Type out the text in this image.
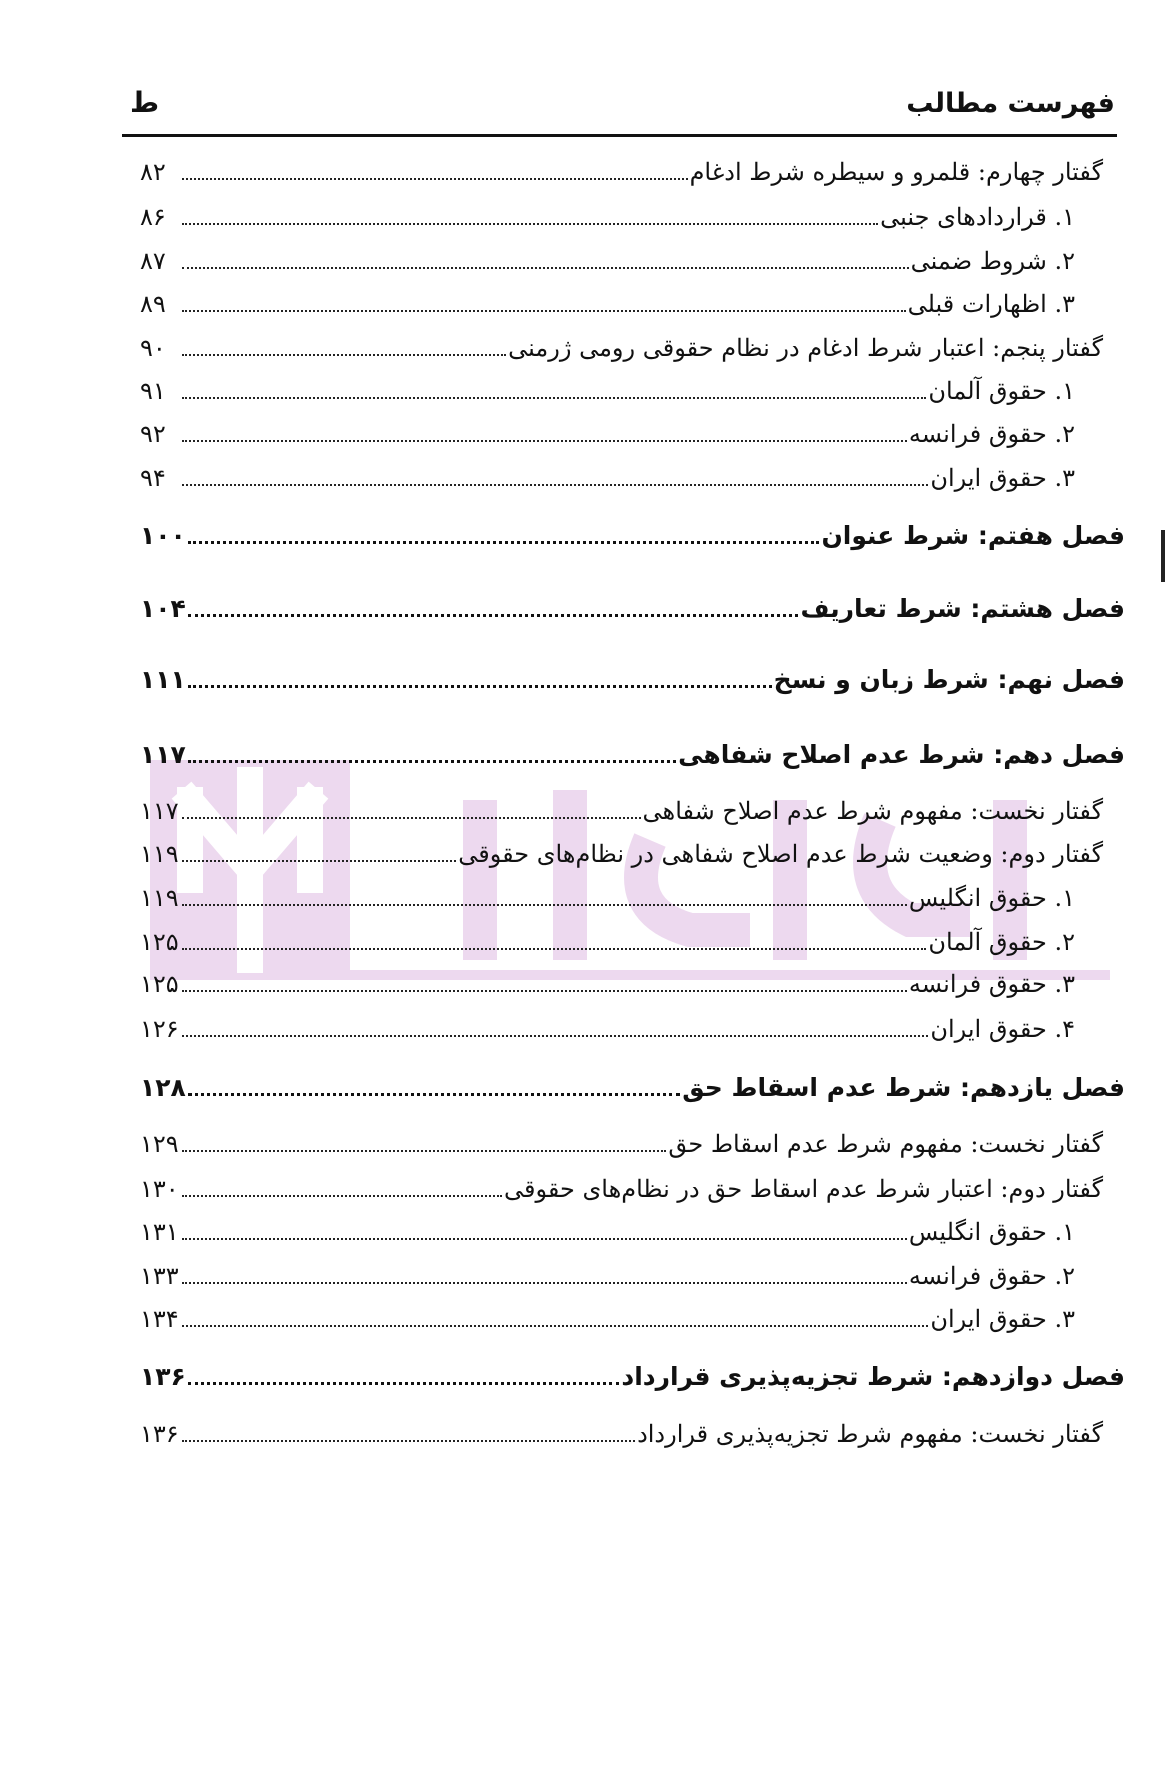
فهرست مطالب
ط
گفتار چهارم: قلمرو و سیطره شرط ادغام
۸۲
۱. قراردادهای جنبی
۸۶
۲. شروط ضمنی
۸۷
۳. اظهارات قبلی
۸۹
گفتار پنجم: اعتبار شرط ادغام در نظام حقوقی رومی ژرمنی
۹۰
۱. حقوق آلمان
۹۱
۲. حقوق فرانسه
۹۲
۳. حقوق ایران
۹۴
فصل هفتم: شرط عنوان
۱۰۰
فصل هشتم: شرط تعاریف
۱۰۴
فصل نهم: شرط زبان و نسخ
۱۱۱
فصل دهم: شرط عدم اصلاح شفاهی
۱۱۷
گفتار نخست: مفهوم شرط عدم اصلاح شفاهی
۱۱۷
گفتار دوم: وضعیت شرط عدم اصلاح شفاهی در نظام‌های حقوقی
۱۱۹
۱. حقوق انگلیس
۱۱۹
۲. حقوق آلمان
۱۲۵
۳. حقوق فرانسه
۱۲۵
۴. حقوق ایران
۱۲۶
فصل یازدهم: شرط عدم اسقاط حق
۱۲۸
گفتار نخست: مفهوم شرط عدم اسقاط حق
۱۲۹
گفتار دوم: اعتبار شرط عدم اسقاط حق در نظام‌های حقوقی
۱۳۰
۱. حقوق انگلیس
۱۳۱
۲. حقوق فرانسه
۱۳۳
۳. حقوق ایران
۱۳۴
فصل دوازدهم: شرط تجزیه‌پذیری قرارداد
۱۳۶
گفتار نخست: مفهوم شرط تجزیه‌پذیری قرارداد
۱۳۶
